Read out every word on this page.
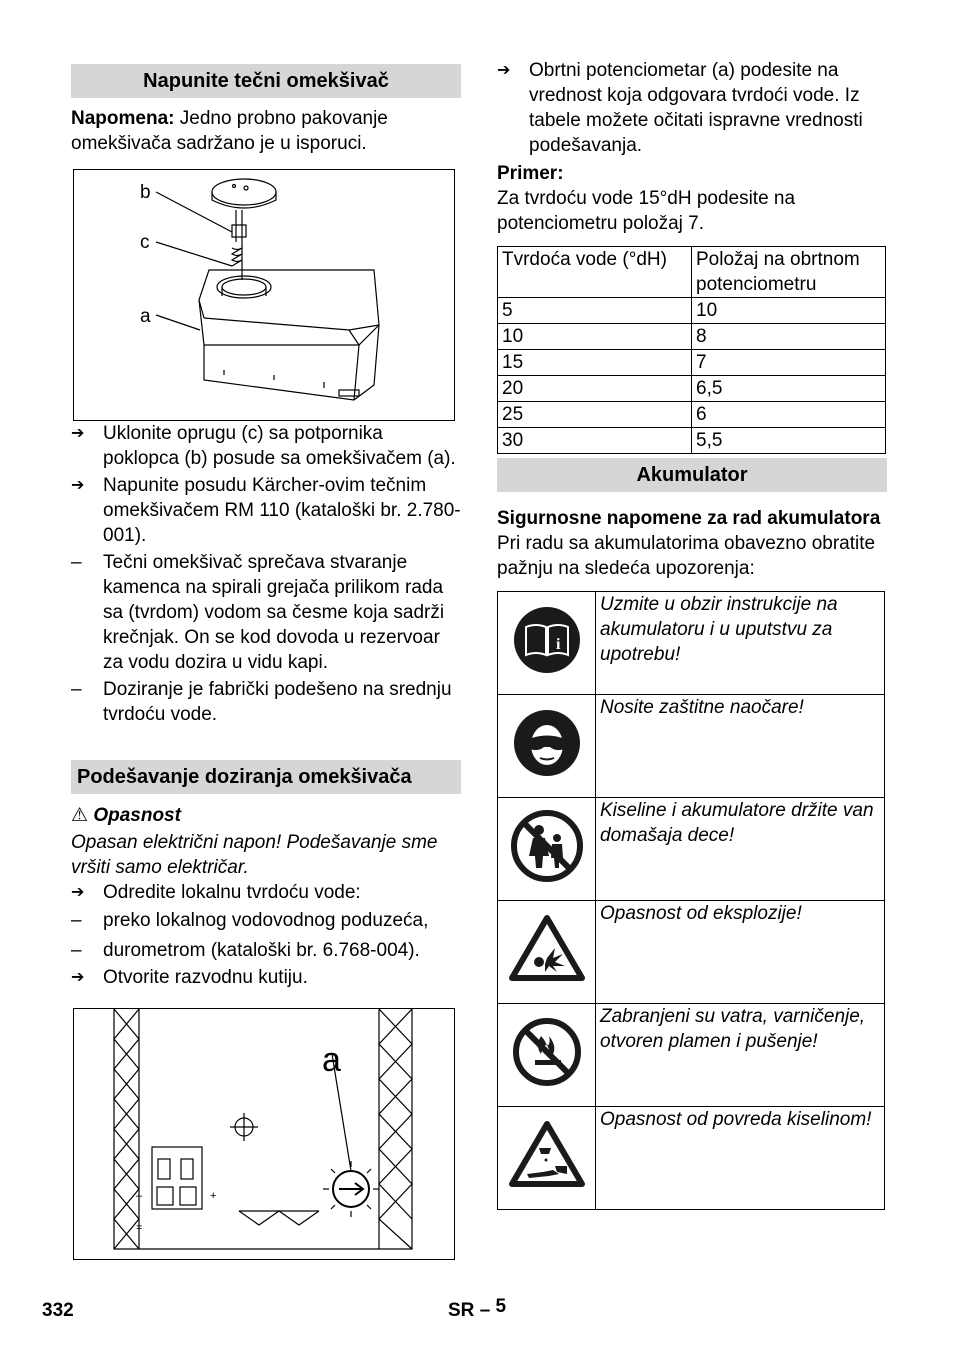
Napunite tečni omekšivač

Napomena: Jedno probno pakovanje omekšivača sadržano je u isporuci.

b
c
a
➔ Uklonite oprugu (c) sa potpornika poklopca (b) posude sa omekšivačem (a).
➔ Napunite posudu Kärcher-ovim tečnim omekšivačem RM 110 (kataloški br. 2.780-001).
–	Tečni omekšivač sprečava stvaranje kamenca na spirali grejača prilikom rada sa (tvrdom) vodom sa česme koja sadrži krečnjak. On se kod dovoda u rezervoar za vodu dozira u vidu kapi.
–	Doziranje je fabrički podešeno na srednju tvrdoću vode.
Podešavanje doziranja omekšivača

⚠ Opasnost

Opasan električni napon! Podešavanje sme vršiti samo električar.

➔ Odredite lokalnu tvrdoću vode:
–	preko lokalnog vodovodnog poduzeća,
–	durometrom (kataloški br. 6.768-004).
➔ Otvorite razvodnu kutiju.
+
–
=
a
➔ Obrtni potenciometar (a) podesite na vrednost koja odgovara tvrdoći vode. Iz tabele možete očitati ispravne vrednosti podešavanja.

Primer:

Za tvrdoću vode 15°dH podesite na potenciometru položaj 7.

Tvrdoća vode (°dH)	Položaj na obrtnom potenciometru
5	10
10	8
15	7
20	6,5
25	6
30	5,5
Akumulator

Sigurnosne napomene za rad akumulatora

Pri radu sa akumulatorima obavezno obratite pažnju na sledeća upozorenja:

i	Uzmite u obzir instrukcije na akumulatoru i u uputstvu za upotrebu!
	Nosite zaštitne naočare!
	Kiseline i akumulatore držite van domašaja dece!
	Opasnost od eksplozije!
	Zabranjeni su vatra, varničenje, otvoren plamen i pušenje!
	Opasnost od povreda kiselinom!
332	SR – 5
